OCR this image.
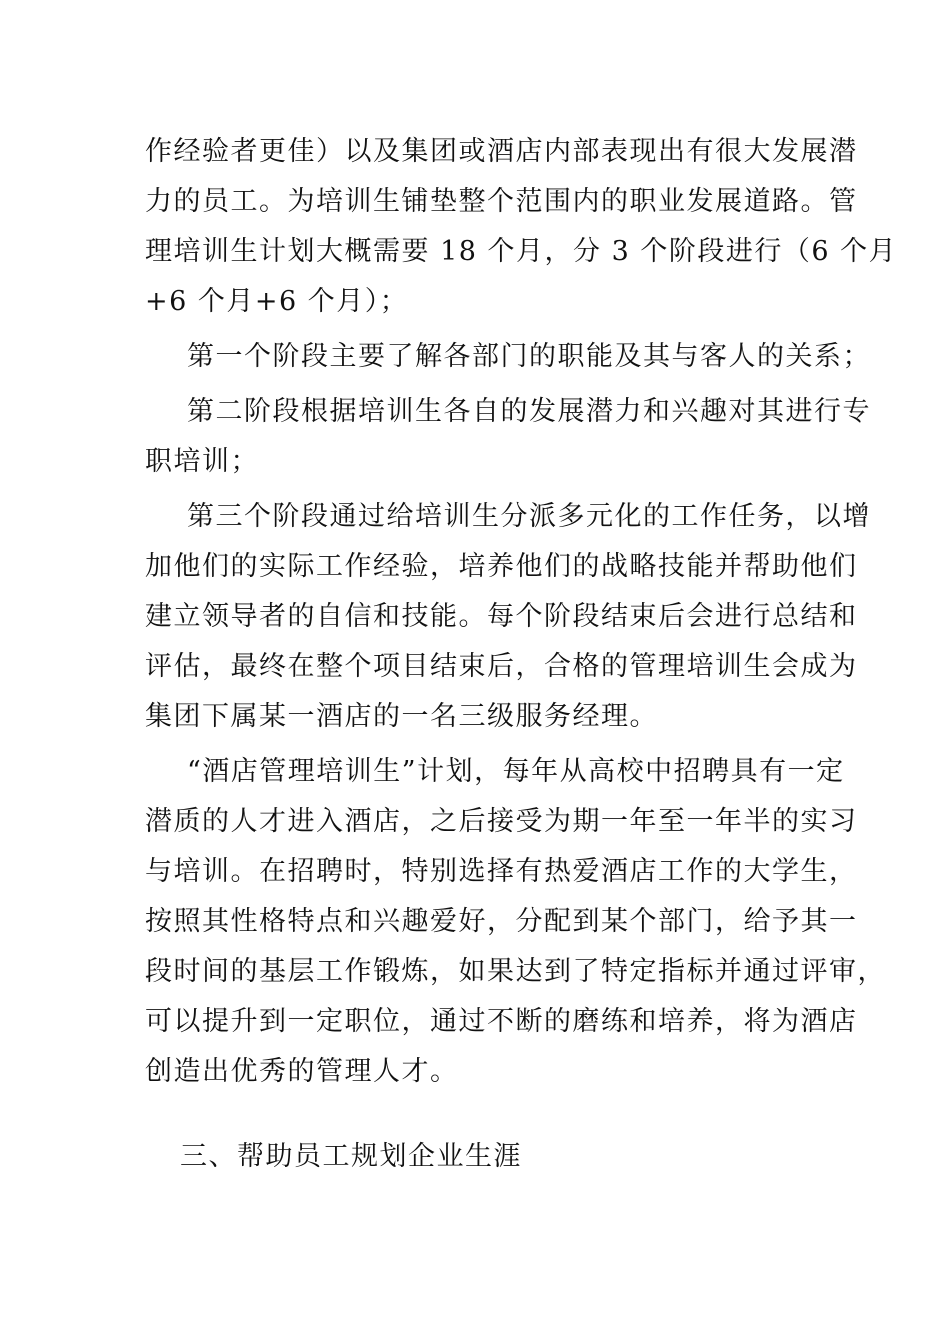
作经验者更佳）以及集团或酒店内部表现出有很大发展潜
力的员工。为培训生铺垫整个范围内的职业发展道路。管
理培训生计划大概需要 18 个月，分 3 个阶段进行（6 个月
+6 个月+6 个月）；
第一个阶段主要了解各部门的职能及其与客人的关系；
第二阶段根据培训生各自的发展潜力和兴趣对其进行专
职培训；
第三个阶段通过给培训生分派多元化的工作任务，以增
加他们的实际工作经验，培养他们的战略技能并帮助他们
建立领导者的自信和技能。每个阶段结束后会进行总结和
评估，最终在整个项目结束后，合格的管理培训生会成为
集团下属某一酒店的一名三级服务经理。
“酒店管理培训生”计划，每年从高校中招聘具有一定
潜质的人才进入酒店，之后接受为期一年至一年半的实习
与培训。在招聘时，特别选择有热爱酒店工作的大学生，
按照其性格特点和兴趣爱好，分配到某个部门，给予其一
段时间的基层工作锻炼，如果达到了特定指标并通过评审，
可以提升到一定职位，通过不断的磨练和培养，将为酒店
创造出优秀的管理人才。
三、帮助员工规划企业生涯
